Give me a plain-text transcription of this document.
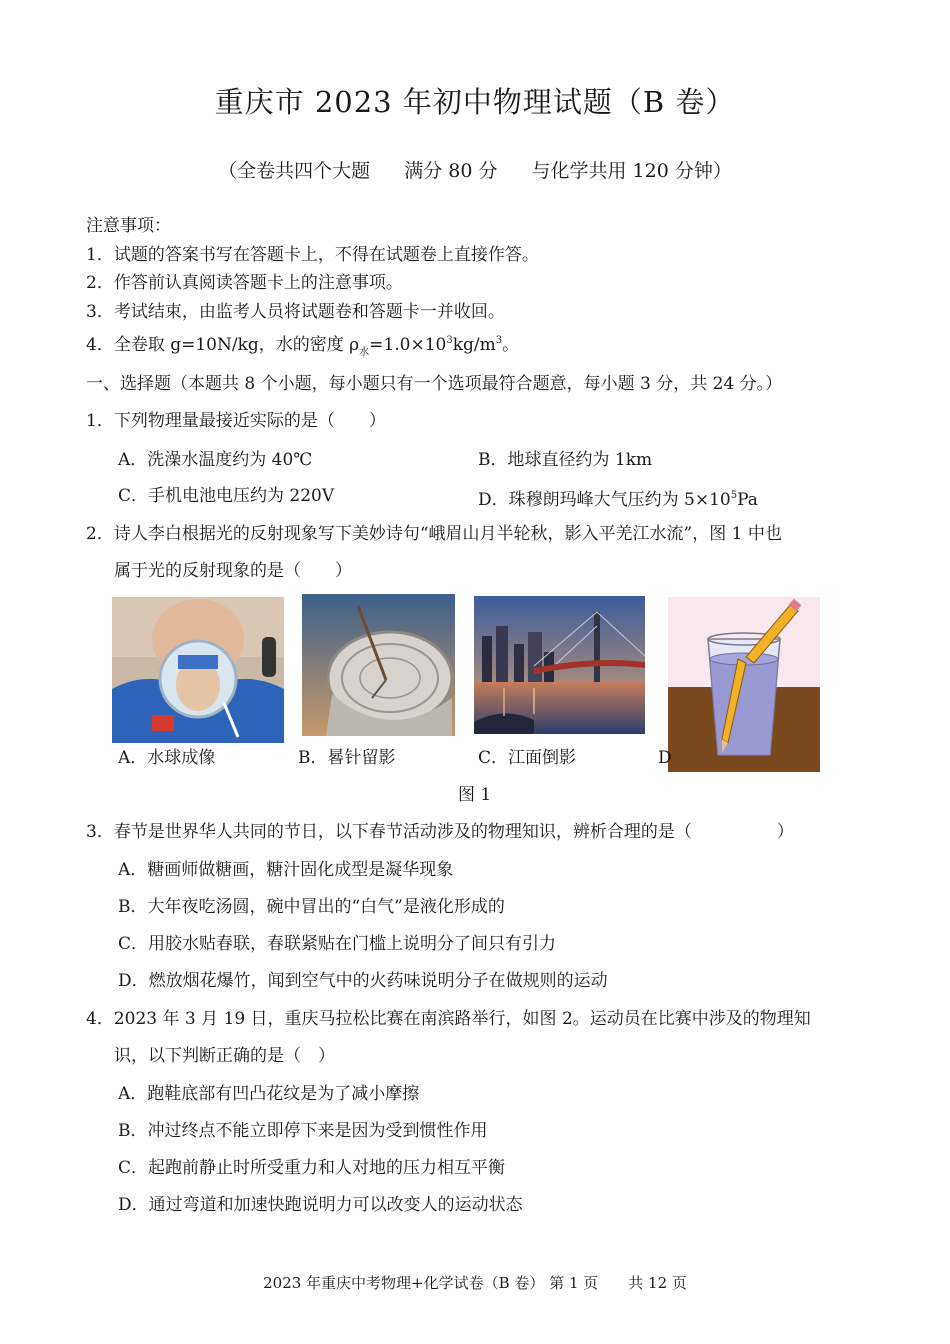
重庆市 2023 年初中物理试题（B 卷）
（全卷共四个大题 满分 80 分 与化学共用 120 分钟）
注意事项：
1．试题的答案书写在答题卡上，不得在试题卷上直接作答。
2．作答前认真阅读答题卡上的注意事项。
3．考试结束，由监考人员将试题卷和答题卡一并收回。
4．全卷取 g=10N/kg，水的密度 $\rho_水=1.0\times 10^3kg/m^3$。
一、选择题（本题共 8 个小题，每小题只有一个选项最符合题意，每小题 3 分，共 24 分。）
1．下列物理量最接近实际的是（　　）
A．洗澡水温度约为 40℃	B．地球直径约为 1km
C．手机电池电压约为 220V	D．珠穆朗玛峰大气压约为 $5\times 10^5Pa$
2．诗人李白根据光的反射现象写下美妙诗句“峨眉山月半轮秋，影入平羌江水流”，图 1 中也
属于光的反射现象的是（　　）
A．水球成像	B．晷针留影	C．江面倒影	D
图 1
3．春节是世界华人共同的节日，以下春节活动涉及的物理知识，辨析合理的是（　　　　　）
A．糖画师做糖画，糖汁固化成型是凝华现象
B．大年夜吃汤圆，碗中冒出的“白气”是液化形成的
C．用胶水贴春联，春联紧贴在门槛上说明分了间只有引力
D．燃放烟花爆竹，闻到空气中的火药味说明分子在做规则的运动
4．2023 年 3 月 19 日，重庆马拉松比赛在南滨路举行，如图 2。运动员在比赛中涉及的物理知
识，以下判断正确的是（　）
A．跑鞋底部有凹凸花纹是为了减小摩擦
B．冲过终点不能立即停下来是因为受到惯性作用
C．起跑前静止时所受重力和人对地的压力相互平衡
D．通过弯道和加速快跑说明力可以改变人的运动状态
2023 年重庆中考物理+化学试卷（B 卷） 第 1 页　　共 12 页
